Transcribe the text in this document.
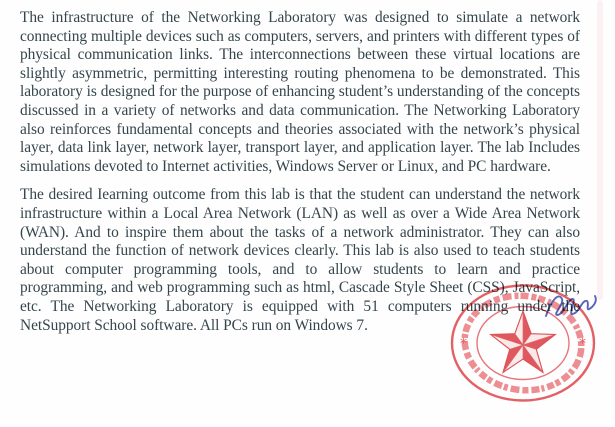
The infrastructure of the Networking Laboratory was designed to simulate a network connecting multiple devices such as computers, servers, and printers with different types of physical communication links. The interconnections between these virtual locations are slightly asymmetric, permitting interesting routing phenomena to be demonstrated. This laboratory is designed for the purpose of enhancing student’s understanding of the concepts discussed in a variety of networks and data communication. The Networking Laboratory also reinforces fundamental concepts and theories associated with the network’s physical layer, data link layer, network layer, transport layer, and application layer. The lab Includes simulations devoted to Internet activities, Windows Server or Linux, and PC hardware.

The desired Iearning outcome from this lab is that the student can understand the network infrastructure within a Local Area Network (LAN) as well as over a Wide Area Network (WAN). And to inspire them about the tasks of a network administrator. They can also understand the function of network devices clearly. This lab is also used to teach students about computer programming tools, and to allow students to learn and practice programming, and web programming such as html, Cascade Style Sheet (CSS), JavaScript, etc. The Networking Laboratory is equipped with 51 computers running under the NetSupport School software. All PCs run on Windows 7.

*	*
